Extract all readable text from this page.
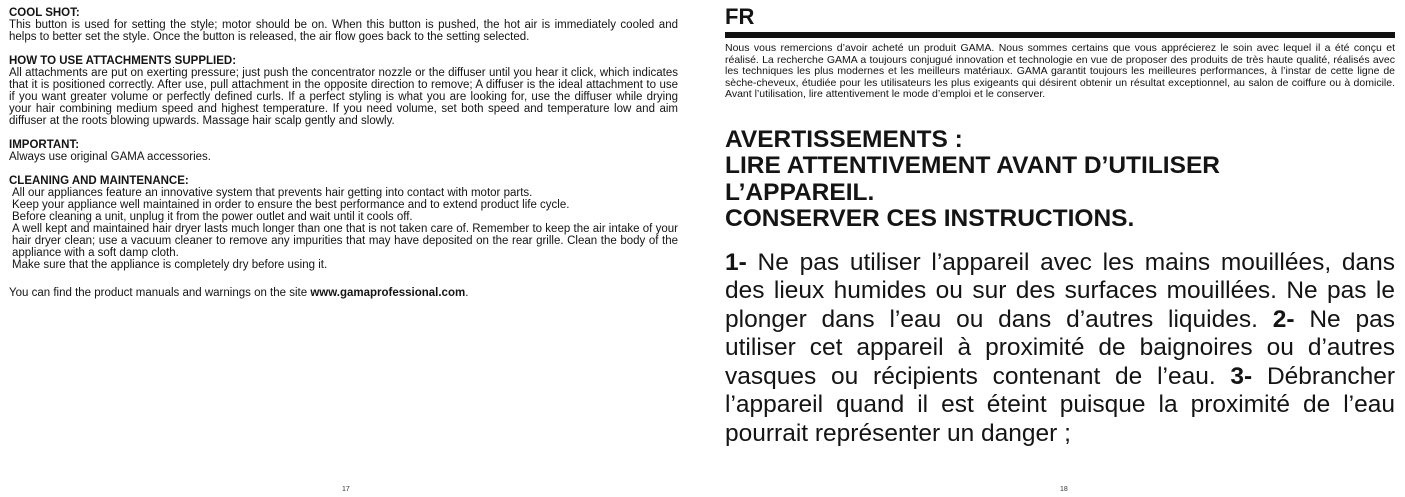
COOL SHOT:

This button is used for setting the style; motor should be on. When this button is pushed, the hot air is immediately cooled and helps to better set the style. Once the button is released, the air flow goes back to the setting selected.

HOW TO USE ATTACHMENTS SUPPLIED:

All attachments are put on exerting pressure; just push the concentrator nozzle or the diffuser until you hear it click, which indicates that it is positioned correctly. After use, pull attachment in the opposite direction to remove; A diffuser is the ideal attachment to use if you want greater volume or perfectly defined curls. If a perfect styling is what you are looking for, use the diffuser while drying your hair combining medium speed and highest temperature. If you need volume, set both speed and temperature low and aim diffuser at the roots blowing upwards. Massage hair scalp gently and slowly.

IMPORTANT:

Always use original GAMA accessories.

CLEANING AND MAINTENANCE:

All our appliances feature an innovative system that prevents hair getting into contact with motor parts.

Keep your appliance well maintained in order to ensure the best performance and to extend product life cycle.

Before cleaning a unit, unplug it from the power outlet and wait until it cools off.

A well kept and maintained hair dryer lasts much longer than one that is not taken care of. Remember to keep the air intake of your hair dryer clean; use a vacuum cleaner to remove any impurities that may have deposited on the rear grille. Clean the body of the appliance with a soft damp cloth.

Make sure that the appliance is completely dry before using it.

You can find the product manuals and warnings on the site www.gamaprofessional.com.

17

FR

Nous vous remercions d’avoir acheté un produit GAMA. Nous sommes certains que vous apprécierez le soin avec lequel il a été conçu et réalisé. La recherche GAMA a toujours conjugué innovation et technologie en vue de proposer des produits de très haute qualité, réalisés avec les techniques les plus modernes et les meilleurs matériaux. GAMA garantit toujours les meilleures performances, à l’instar de cette ligne de sèche-cheveux, étudiée pour les utilisateurs les plus exigeants qui désirent obtenir un résultat exceptionnel, au salon de coiffure ou à domicile. Avant l’utilisation, lire attentivement le mode d’emploi et le conserver.

AVERTISSEMENTS :
LIRE ATTENTIVEMENT AVANT D’UTILISER
L’APPAREIL.
CONSERVER CES INSTRUCTIONS.

1- Ne pas utiliser l’appareil avec les mains mouillées, dans des lieux humides ou sur des surfaces mouillées. Ne pas le plonger dans l’eau ou dans d’autres liquides. 2- Ne pas utiliser cet appareil à proximité de baignoires ou d’autres vasques ou récipients contenant de l’eau. 3- Débrancher l’appareil quand il est éteint puisque la proximité de l’eau pourrait représenter un danger ;

18
